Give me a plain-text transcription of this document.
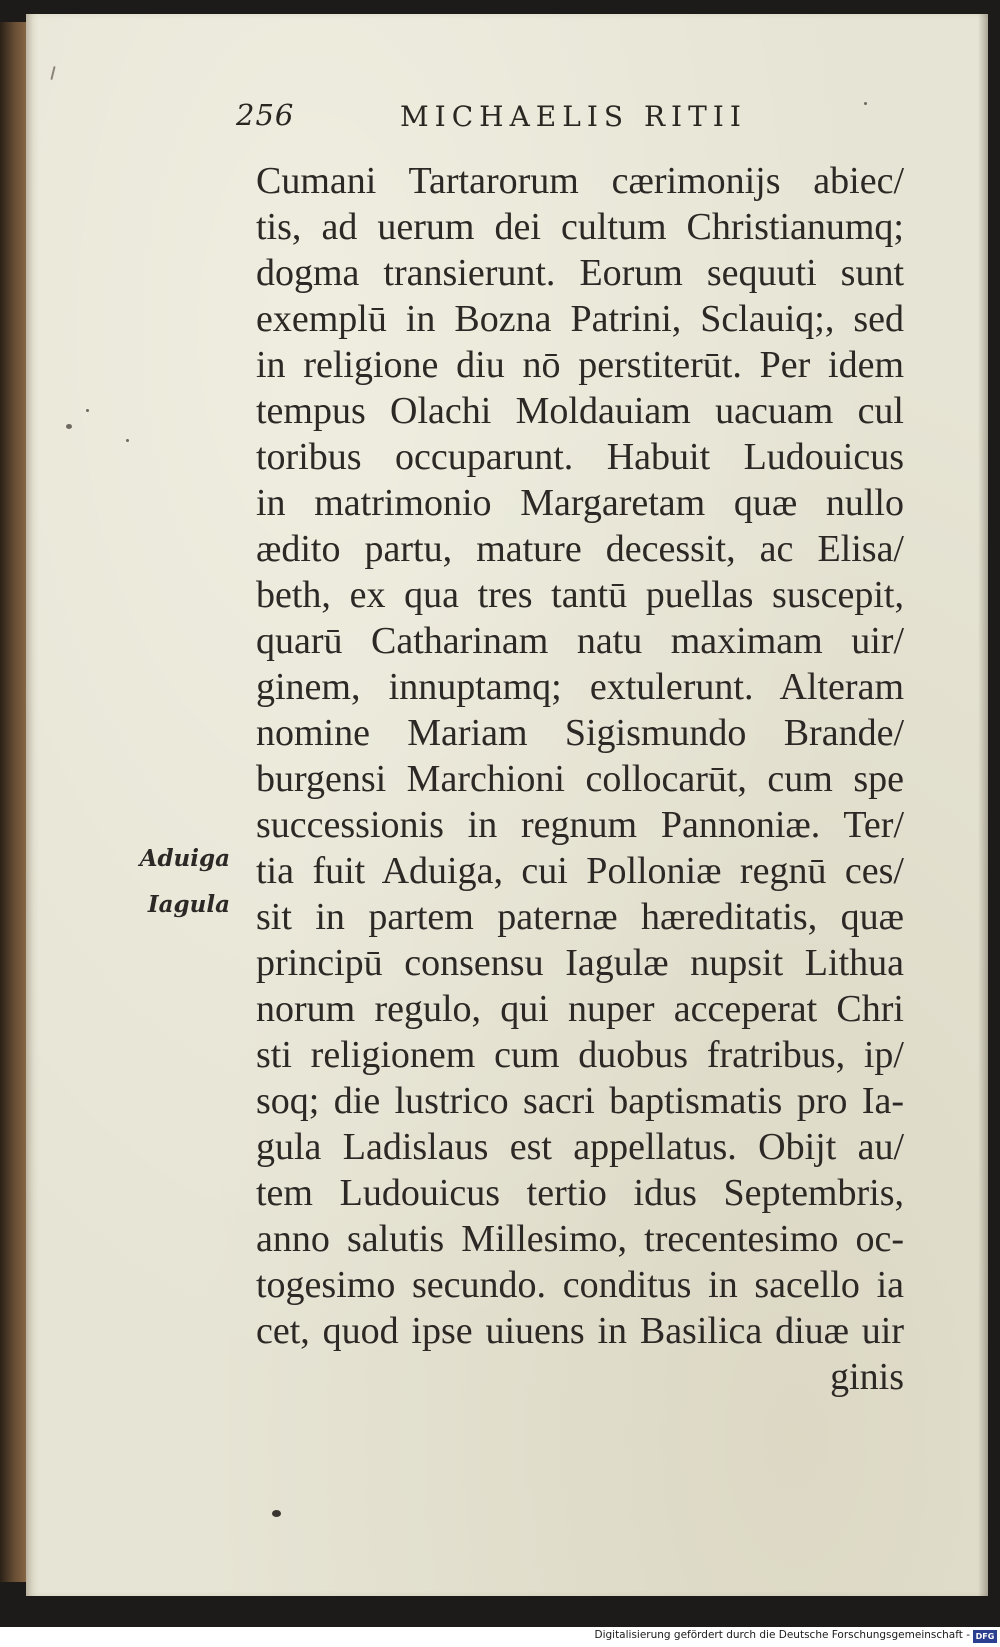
256	MICHAELIS RITII
Aduiga
Iagula
Cumani Tartarorum cærimonijs abiec/
tis, ad uerum dei cultum Christianumq;
dogma transierunt. Eorum sequuti sunt
exemplū in Bozna Patrini, Sclauiq;, sed
in religione diu nō perstiterūt. Per idem
tempus Olachi Moldauiam uacuam cul
toribus occuparunt. Habuit Ludouicus
in matrimonio Margaretam quæ nullo
ædito partu, mature decessit, ac Elisa/
beth, ex qua tres tantū puellas suscepit,
quarū Catharinam natu maximam uir/
ginem, innuptamq; extulerunt. Alteram
nomine Mariam Sigismundo Brande/
burgensi Marchioni collocarūt, cum spe
successionis in regnum Pannoniæ. Ter/
tia fuit Aduiga, cui Polloniæ regnū ces/
sit in partem paternæ hæreditatis, quæ
principū consensu Iagulæ nupsit Lithua
norum regulo, qui nuper acceperat Chri
sti religionem cum duobus fratribus, ip/
soq; die lustrico sacri baptismatis pro Ia-
gula Ladislaus est appellatus. Obijt au/
tem Ludouicus tertio idus Septembris,
anno salutis Millesimo, trecentesimo oc-
togesimo secundo. conditus in sacello ia
cet, quod ipse uiuens in Basilica diuæ uir
ginis
Digitalisierung gefördert durch die Deutsche Forschungsgemeinschaft - DFG
